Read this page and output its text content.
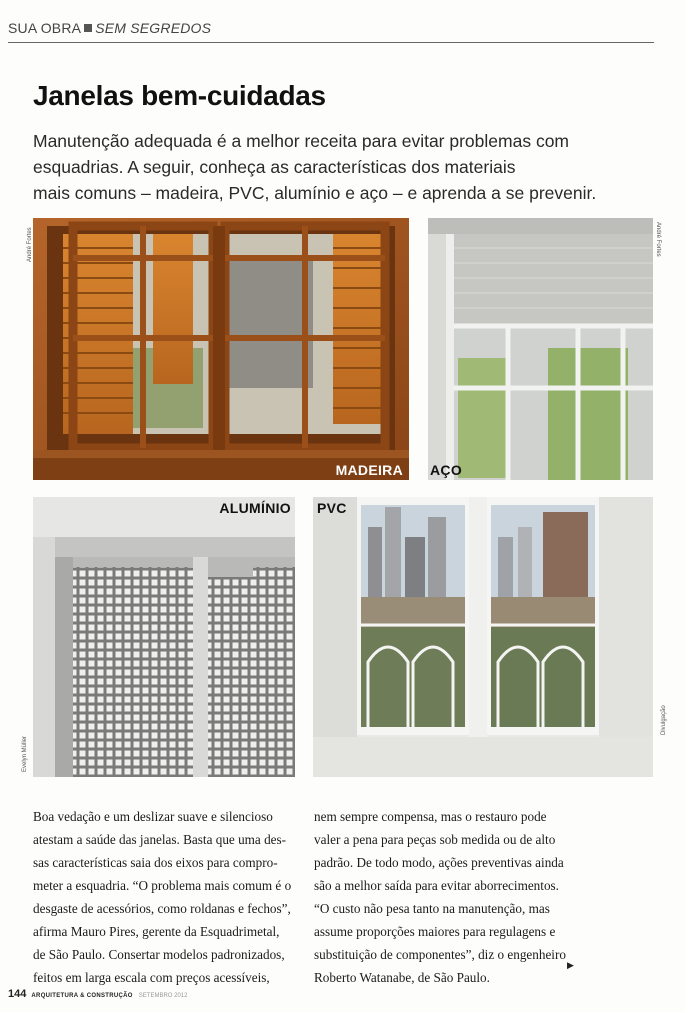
SUA OBRA SEM SEGREDOS
Janelas bem-cuidadas
Manutenção adequada é a melhor receita para evitar problemas com
esquadrias. A seguir, conheça as características dos materiais
mais comuns – madeira, PVC, alumínio e aço – e aprenda a se prevenir.
MADEIRA
André Fortes
AÇO
André Fortes
ALUMÍNIO
Evelyn Müller
PVC
Divulgação
Boa vedação e um deslizar suave e silencioso
atestam a saúde das janelas. Basta que uma des-
sas características saia dos eixos para compro-
meter a esquadria. “O problema mais comum é o
desgaste de acessórios, como roldanas e fechos”,
afirma Mauro Pires, gerente da Esquadrimetal,
de São Paulo. Consertar modelos padronizados,
feitos em larga escala com preços acessíveis,
nem sempre compensa, mas o restauro pode
valer a pena para peças sob medida ou de alto
padrão. De todo modo, ações preventivas ainda
são a melhor saída para evitar aborrecimentos.
“O custo não pesa tanto na manutenção, mas
assume proporções maiores para regulagens e
substituição de componentes”, diz o engenheiro
Roberto Watanabe, de São Paulo.
▶
144 ARQUITETURA & CONSTRUÇÃO SETEMBRO 2012
